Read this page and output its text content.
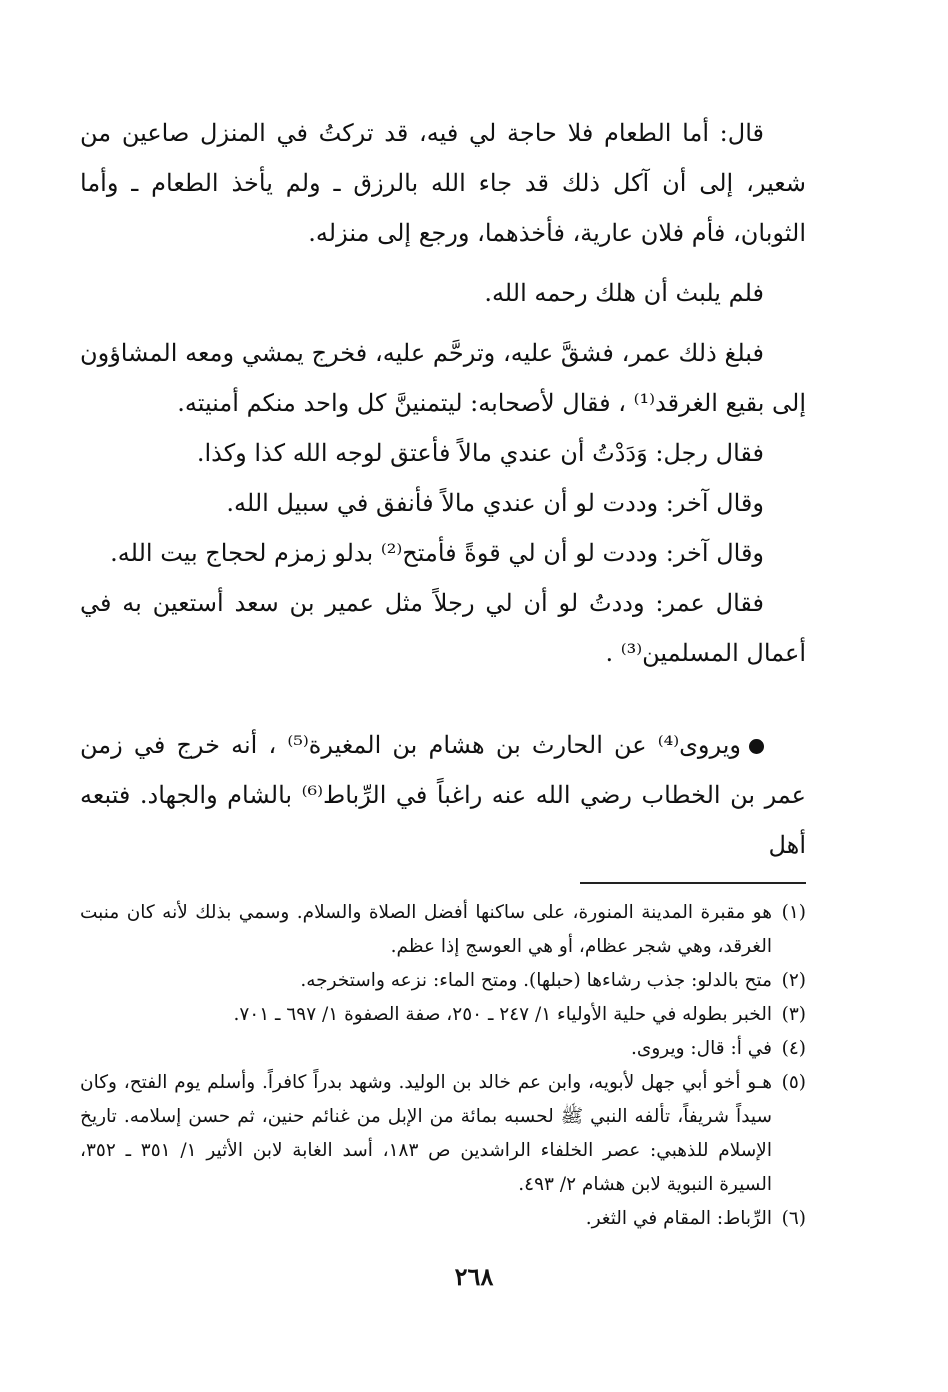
قال: أما الطعام فلا حاجة لي فيه، قد تركتُ في المنزل صاعين من شعير، إلى أن آكل ذلك قد جاء الله بالرزق ـ ولم يأخذ الطعام ـ وأما الثوبان، فأم فلان عارية، فأخذهما، ورجع إلى منزله.

فلم يلبث أن هلك رحمه الله.

فبلغ ذلك عمر، فشقَّ عليه، وترحَّم عليه، فخرج يمشي ومعه المشاؤون إلى بقيع الغرقد⁽¹⁾ ، فقال لأصحابه: ليتمنينَّ كل واحد منكم أمنيته.

فقال رجل: وَدَدْتُ أن عندي مالاً فأعتق لوجه الله كذا وكذا.

وقال آخر: وددت لو أن عندي مالاً فأنفق في سبيل الله.

وقال آخر: وددت لو أن لي قوةً فأمتح⁽²⁾ بدلو زمزم لحجاج بيت الله.

فقال عمر: وددتُ لو أن لي رجلاً مثل عمير بن سعد أستعين به في أعمال المسلمين⁽³⁾ .

ويروى⁽⁴⁾ عن الحارث بن هشام بن المغيرة⁽⁵⁾ ، أنه خرج في زمن عمر بن الخطاب رضي الله عنه راغباً في الرِّباط⁽⁶⁾ بالشام والجهاد. فتبعه أهل

(١)
هو مقبرة المدينة المنورة، على ساكنها أفضل الصلاة والسلام. وسمي بذلك لأنه كان منبت الغرقد، وهي شجر عظام، أو هي العوسج إذا عظم.
(٢)
متح بالدلو: جذب رشاءها (حبلها). ومتح الماء: نزعه واستخرجه.
(٣)
الخبر بطوله في حلية الأولياء ١/ ٢٤٧ ـ ٢٥٠، صفة الصفوة ١/ ٦٩٧ ـ ٧٠١.
(٤)
في أ: قال: ويروى.
(٥)
هـو أخو أبي جهل لأبويه، وابن عم خالد بن الوليد. وشهد بدراً كافراً. وأسلم يوم الفتح، وكان سيداً شريفاً، تألفه النبي ﷺ لحسبه بمائة من الإبل من غنائم حنين، ثم حسن إسلامه. تاريخ الإسلام للذهبي: عصر الخلفاء الراشدين ص ١٨٣، أسد الغابة لابن الأثير ١/ ٣٥١ ـ ٣٥٢، السيرة النبوية لابن هشام ٢/ ٤٩٣.
(٦)
الرِّباط: المقام في الثغر.
٢٦٨
